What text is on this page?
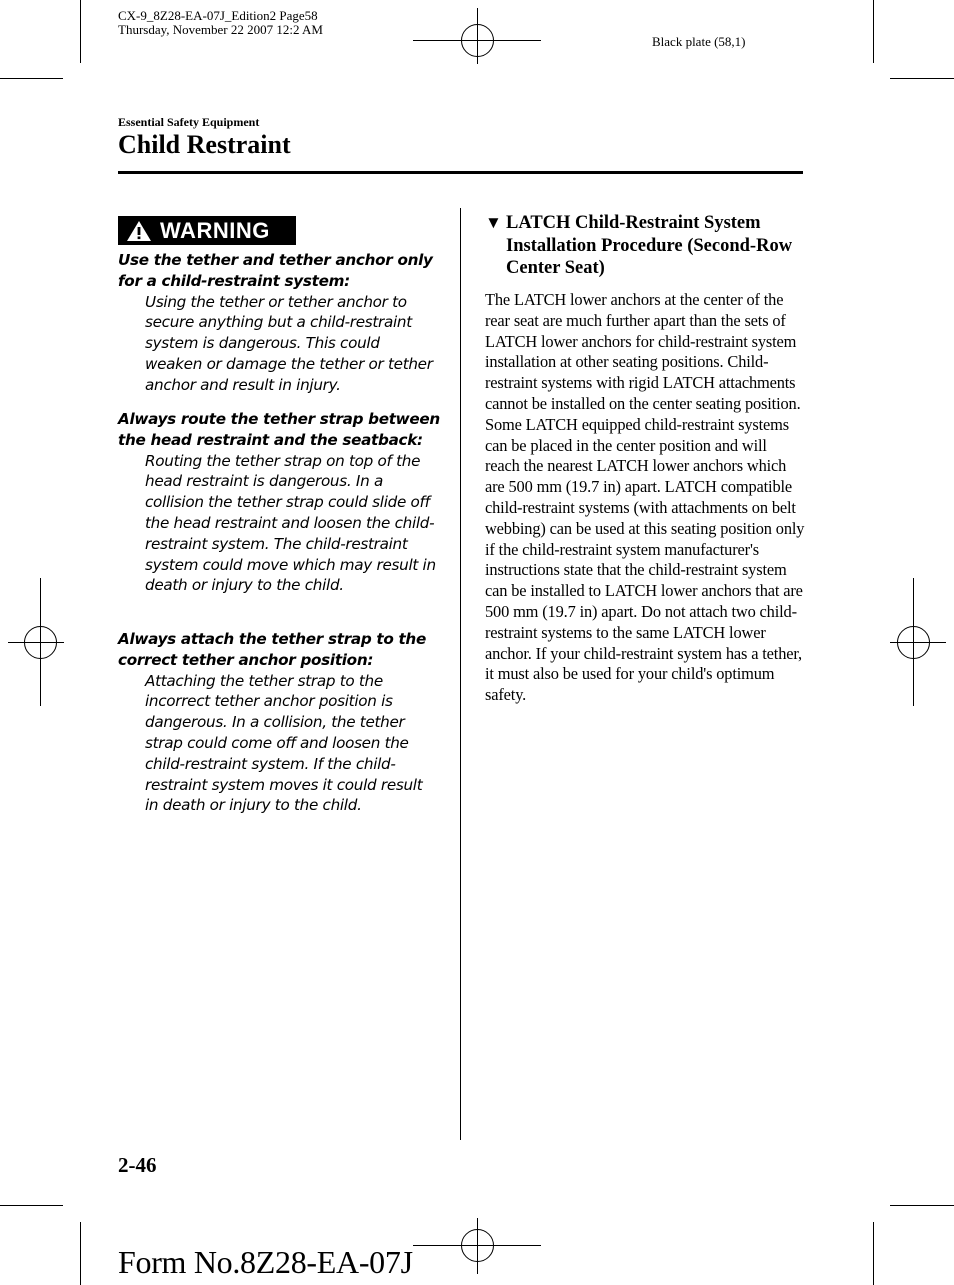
CX-9_8Z28-EA-07J_Edition2 Page58
Thursday, November 22 2007 12:2 AM
Black plate (58,1)
Essential Safety Equipment
Child Restraint
WARNING
Use the tether and tether anchor only for a child-restraint system:
Using the tether or tether anchor to secure anything but a child-restraint system is dangerous. This could weaken or damage the tether or tether anchor and result in injury.
Always route the tether strap between the head restraint and the seatback:
Routing the tether strap on top of the head restraint is dangerous. In a collision the tether strap could slide off the head restraint and loosen the child-restraint system. The child-restraint system could move which may result in death or injury to the child.
Always attach the tether strap to the correct tether anchor position:
Attaching the tether strap to the incorrect tether anchor position is dangerous. In a collision, the tether strap could come off and loosen the child-restraint system. If the child-restraint system moves it could result in death or injury to the child.
▼ LATCH Child-Restraint System Installation Procedure (Second-Row Center Seat)
The LATCH lower anchors at the center of the rear seat are much further apart than the sets of LATCH lower anchors for child-restraint system installation at other seating positions. Child-restraint systems with rigid LATCH attachments cannot be installed on the center seating position. Some LATCH equipped child-restraint systems can be placed in the center position and will reach the nearest LATCH lower anchors which are 500 mm (19.7 in) apart. LATCH compatible child-restraint systems (with attachments on belt webbing) can be used at this seating position only if the child-restraint system manufacturer's instructions state that the child-restraint system can be installed to LATCH lower anchors that are 500 mm (19.7 in) apart. Do not attach two child-restraint systems to the same LATCH lower anchor. If your child-restraint system has a tether, it must also be used for your child's optimum safety.
2-46
Form No.8Z28-EA-07J
